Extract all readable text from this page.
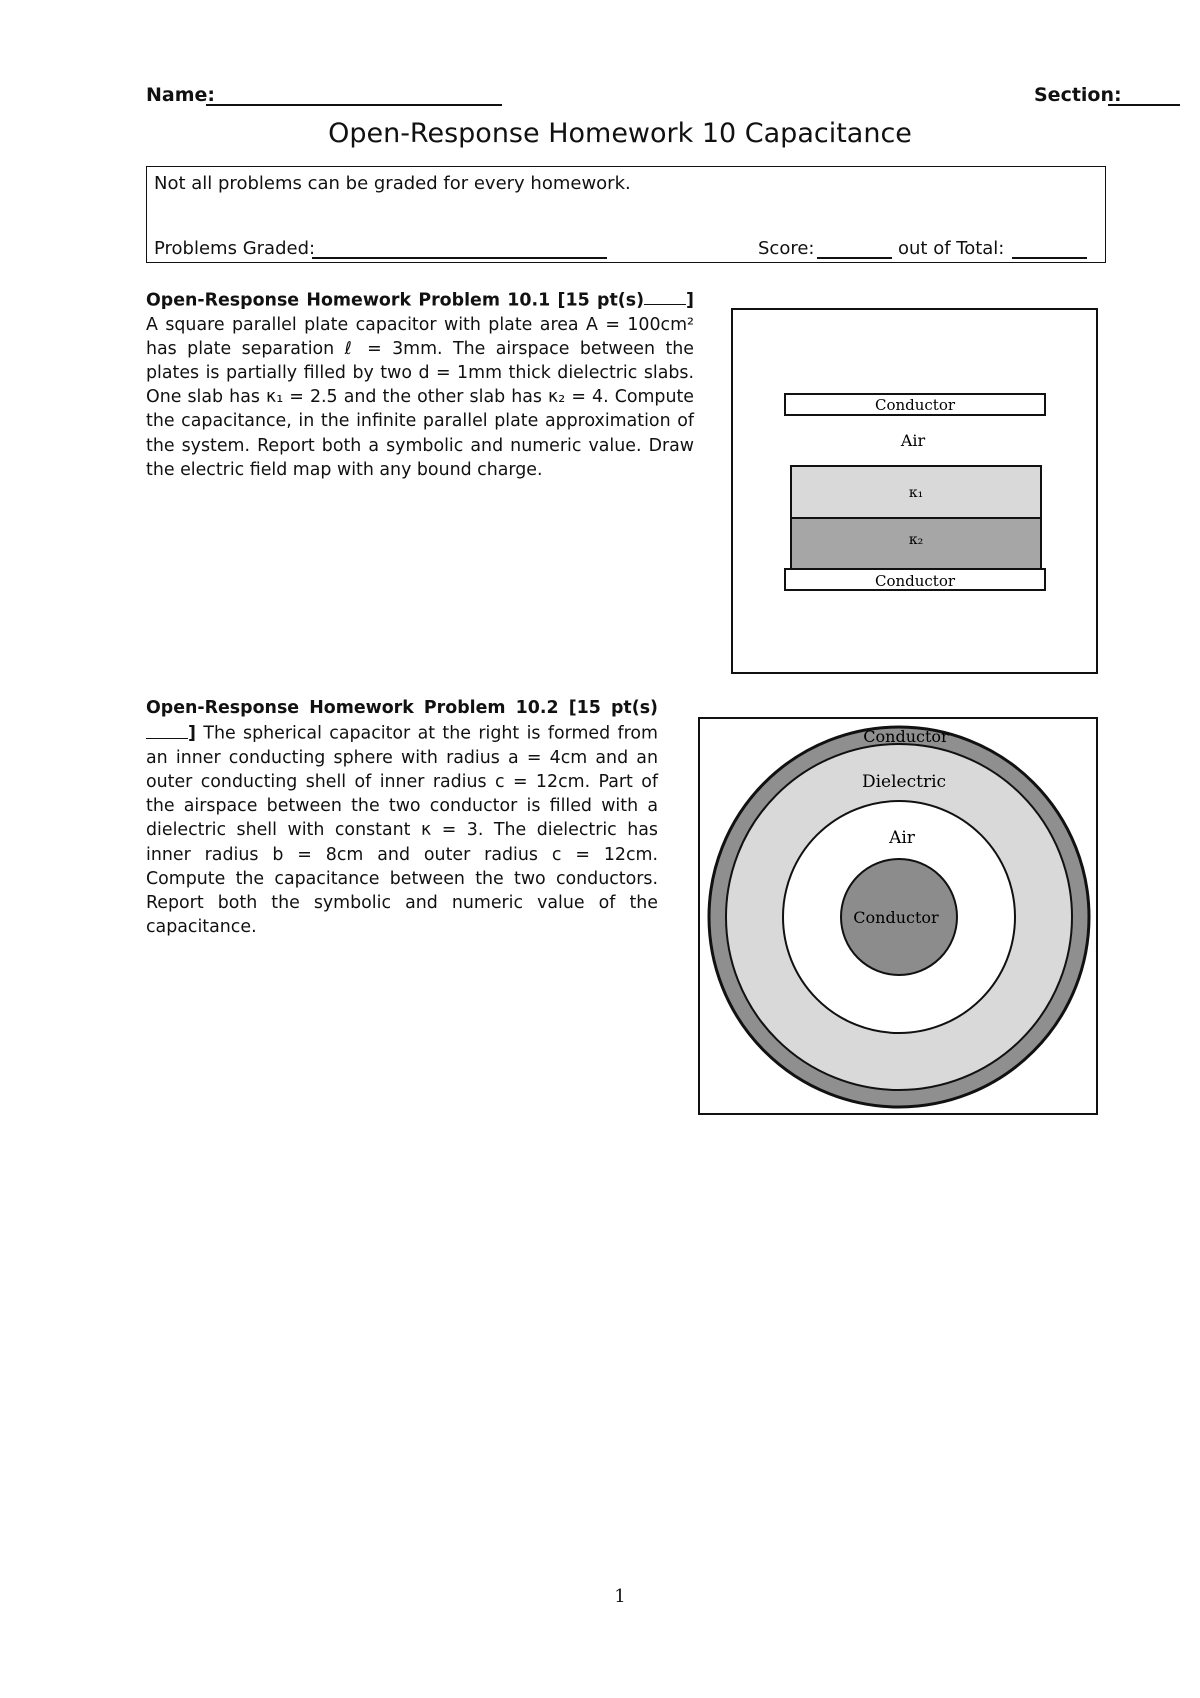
Name:	Section:
Open-Response Homework 10 Capacitance
Not all problems can be graded for every homework.
Problems Graded:	Score:	out of Total:
Open-Response Homework Problem 10.1 [15 pt(s) ] A square parallel plate capacitor with plate area A = 100cm² has plate separation ℓ = 3mm. The airspace between the plates is partially filled by two d = 1mm thick dielectric slabs. One slab has κ₁ = 2.5 and the other slab has κ₂ = 4. Compute the capacitance, in the infinite parallel plate approximation of the system. Report both a symbolic and numeric value. Draw the electric field map with any bound charge.
Conductor
Air
κ₁
κ₂
Conductor
Open-Response Homework Problem 10.2 [15 pt(s)] The spherical capacitor at the right is formed from an inner conducting sphere with radius a = 4cm and an outer conducting shell of inner radius c = 12cm. Part of the airspace between the two conductor is filled with a dielectric shell with constant κ = 3. The dielectric has inner radius b = 8cm and outer radius c = 12cm. Compute the capacitance between the two conductors. Report both the symbolic and numeric value of the capacitance.
Conductor
Dielectric
Air
Conductor
1
